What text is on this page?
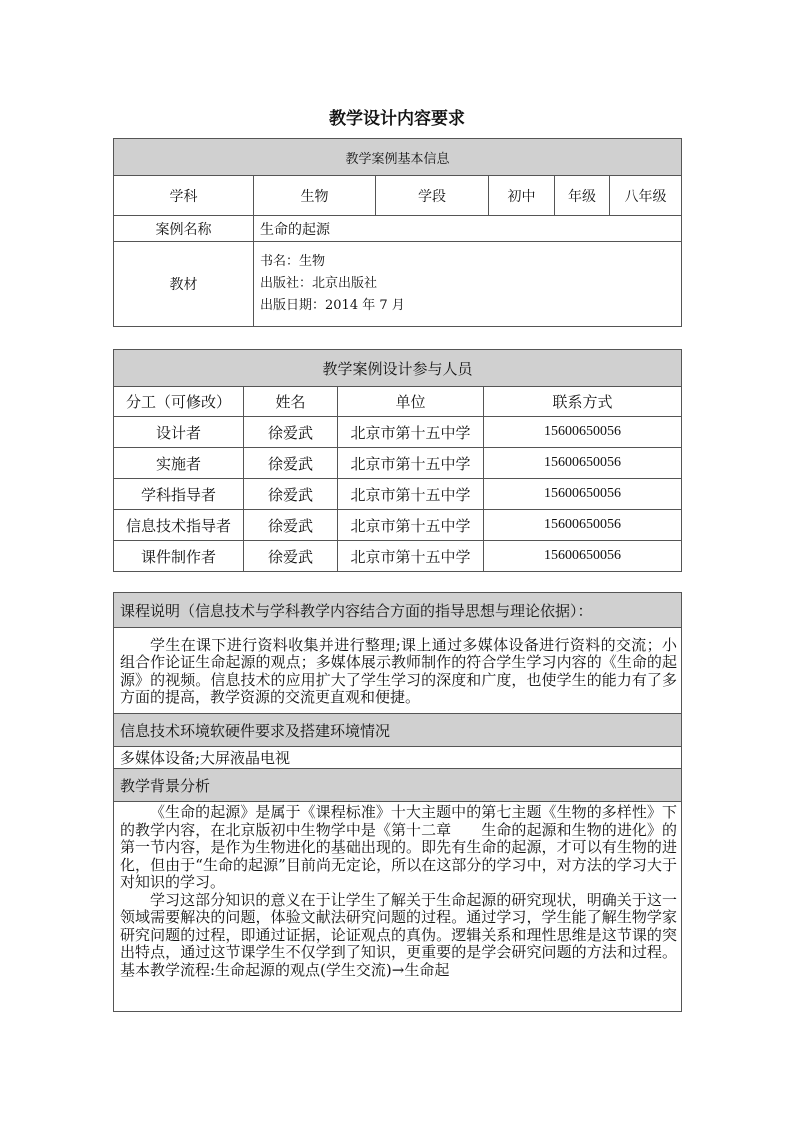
教学设计内容要求
教学案例基本信息					
学科	生物	学段	初中	年级	八年级
案例名称	生命的起源				
教材	书名：生物
出版社：北京出版社
出版日期：2014 年 7 月				
教学案例设计参与人员			
分工（可修改）	姓名	单位	联系方式
设计者	徐爱武	北京市第十五中学	15600650056
实施者	徐爱武	北京市第十五中学	15600650056
学科指导者	徐爱武	北京市第十五中学	15600650056
信息技术指导者	徐爱武	北京市第十五中学	15600650056
课件制作者	徐爱武	北京市第十五中学	15600650056
课程说明（信息技术与学科教学内容结合方面的指导思想与理论依据）：

学生在课下进行资料收集并进行整理;课上通过多媒体设备进行资料的交流；小组合作论证生命起源的观点；多媒体展示教师制作的符合学生学习内容的《生命的起源》的视频。信息技术的应用扩大了学生学习的深度和广度，也使学生的能力有了多方面的提高，教学资源的交流更直观和便捷。

信息技术环境软硬件要求及搭建环境情况
多媒体设备;大屏液晶电视
教学背景分析

《生命的起源》是属于《课程标准》十大主题中的第七主题《生物的多样性》下的教学内容，在北京版初中生物学中是《第十二章　　生命的起源和生物的进化》的第一节内容，是作为生物进化的基础出现的。即先有生命的起源，才可以有生物的进化，但由于“生命的起源”目前尚无定论，所以在这部分的学习中，对方法的学习大于对知识的学习。

学习这部分知识的意义在于让学生了解关于生命起源的研究现状，明确关于这一领域需要解决的问题，体验文献法研究问题的过程。通过学习，学生能了解生物学家研究问题的过程，即通过证据，论证观点的真伪。逻辑关系和理性思维是这节课的突出特点，通过这节课学生不仅学到了知识，更重要的是学会研究问题的方法和过程。基本教学流程:生命起源的观点(学生交流)→生命起
